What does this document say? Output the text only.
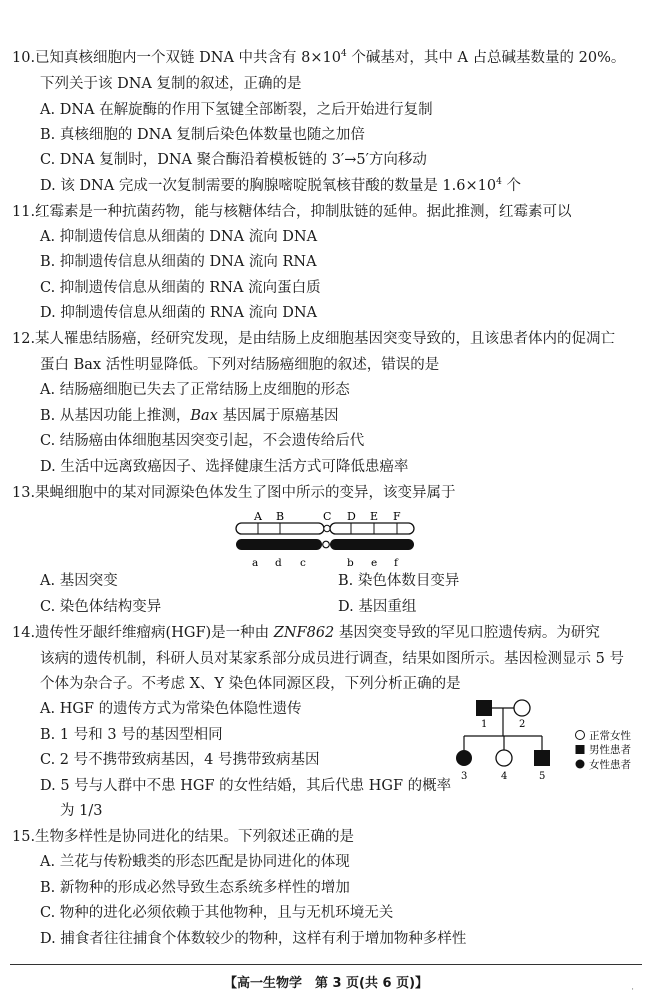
10.已知真核细胞内一个双链 DNA 中共含有 $8\times 10^4$ 个碱基对，其中 A 占总碱基数量的 20%。
下列关于该 DNA 复制的叙述，正确的是
A. DNA 在解旋酶的作用下氢键全部断裂，之后开始进行复制
B. 真核细胞的 DNA 复制后染色体数量也随之加倍
C. DNA 复制时，DNA 聚合酶沿着模板链的 3′→5′方向移动
D. 该 DNA 完成一次复制需要的胸腺嘧啶脱氧核苷酸的数量是 $1.6\times 10^4$ 个
11.红霉素是一种抗菌药物，能与核糖体结合，抑制肽链的延伸。据此推测，红霉素可以
A. 抑制遗传信息从细菌的 DNA 流向 DNA
B. 抑制遗传信息从细菌的 DNA 流向 RNA
C. 抑制遗传信息从细菌的 RNA 流向蛋白质
D. 抑制遗传信息从细菌的 RNA 流向 DNA
12.某人罹患结肠癌，经研究发现，是由结肠上皮细胞基因突变导致的，且该患者体内的促凋亡
蛋白 Bax 活性明显降低。下列对结肠癌细胞的叙述，错误的是
A. 结肠癌细胞已失去了正常结肠上皮细胞的形态
B. 从基因功能上推测，Bax 基因属于原癌基因
C. 结肠癌由体细胞基因突变引起，不会遗传给后代
D. 生活中远离致癌因子、选择健康生活方式可降低患癌率
13.果蝇细胞中的某对同源染色体发生了图中所示的变异，该变异属于
A B	C D E F
a d c	b e f
A. 基因突变	B. 染色体数目变异
C. 染色体结构变异	D. 基因重组
14.遗传性牙龈纤维瘤病(HGF)是一种由 ZNF862 基因突变导致的罕见口腔遗传病。为研究
该病的遗传机制，科研人员对某家系部分成员进行调查，结果如图所示。基因检测显示 5 号
个体为杂合子。不考虑 X、Y 染色体同源区段，下列分析正确的是
A. HGF 的遗传方式为常染色体隐性遗传
B. 1 号和 3 号的基因型相同
C. 2 号不携带致病基因，4 号携带致病基因
D. 5 号与人群中不患 HGF 的女性结婚，其后代患 HGF 的概率
为 1/3
1	2
3	4	5
正常女性
男性患者
女性患者
15.生物多样性是协同进化的结果。下列叙述正确的是
A. 兰花与传粉蛾类的形态匹配是协同进化的体现
B. 新物种的形成必然导致生态系统多样性的增加
C. 物种的进化必须依赖于其他物种，且与无机环境无关
D. 捕食者往往捕食个体数较少的物种，这样有利于增加物种多样性
【高一生物学　第 3 页(共 6 页)】	·
